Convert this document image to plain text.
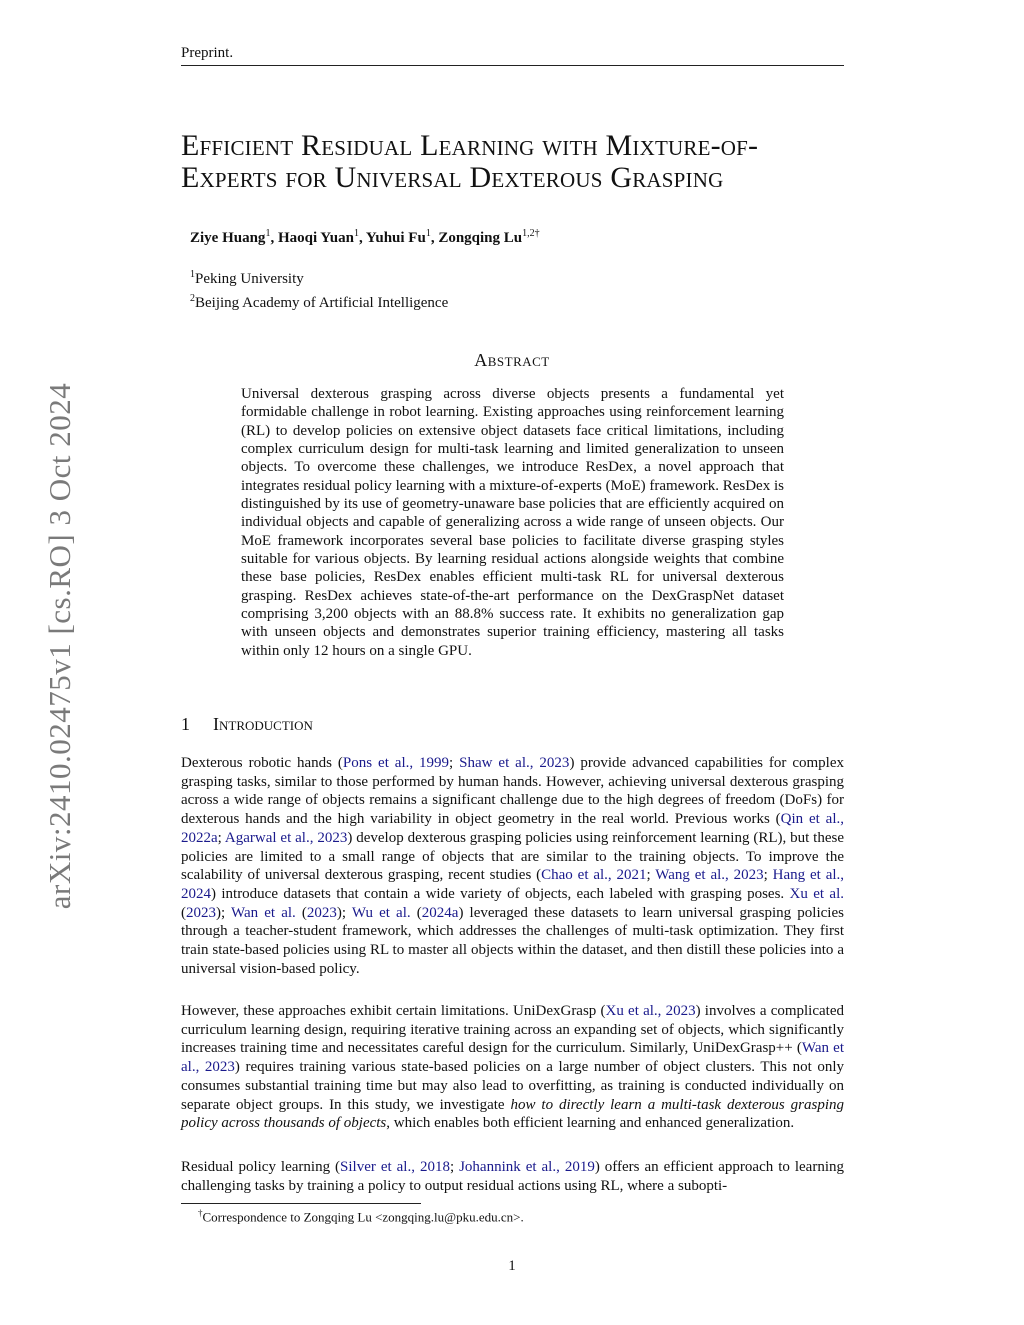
Preprint.
arXiv:2410.02475v1 [cs.RO] 3 Oct 2024
Efficient Residual Learning with Mixture-of-
Experts for Universal Dexterous Grasping
Ziye Huang$^1$, Haoqi Yuan$^1$, Yuhui Fu$^1$, Zongqing $Lu^{1,2\dagger}$
$^1$Peking University
$^2$Beijing Academy of Artificial Intelligence
Abstract

Universal dexterous grasping across diverse objects presents a fundamental yet formidable challenge in robot learning. Existing approaches using reinforcement learning (RL) to develop policies on extensive object datasets face critical limitations, including complex curriculum design for multi-task learning and limited generalization to unseen objects. To overcome these challenges, we introduce ResDex, a novel approach that integrates residual policy learning with a mixture-of-experts (MoE) framework. ResDex is distinguished by its use of geometry-unaware base policies that are efficiently acquired on individual objects and capable of generalizing across a wide range of unseen objects. Our MoE framework incorporates several base policies to facilitate diverse grasping styles suitable for various objects. By learning residual actions alongside weights that combine these base policies, ResDex enables efficient multi-task RL for universal dexterous grasping. ResDex achieves state-of-the-art performance on the DexGraspNet dataset comprising 3,200 objects with an 88.8% success rate. It exhibits no generalization gap with unseen objects and demonstrates superior training efficiency, mastering all tasks within only 12 hours on a single GPU.

1 Introduction

Dexterous robotic hands (Pons et al., 1999; Shaw et al., 2023) provide advanced capabilities for complex grasping tasks, similar to those performed by human hands. However, achieving universal dexterous grasping across a wide range of objects remains a significant challenge due to the high degrees of freedom (DoFs) for dexterous hands and the high variability in object geometry in the real world. Previous works (Qin et al., 2022a; Agarwal et al., 2023) develop dexterous grasping policies using reinforcement learning (RL), but these policies are limited to a small range of objects that are similar to the training objects. To improve the scalability of universal dexterous grasping, recent studies (Chao et al., 2021; Wang et al., 2023; Hang et al., 2024) introduce datasets that contain a wide variety of objects, each labeled with grasping poses. Xu et al. (2023); Wan et al. (2023); Wu et al. (2024a) leveraged these datasets to learn universal grasping policies through a teacher-student framework, which addresses the challenges of multi-task optimization. They first train state-based policies using RL to master all objects within the dataset, and then distill these policies into a universal vision-based policy.

However, these approaches exhibit certain limitations. UniDexGrasp (Xu et al., 2023) involves a complicated curriculum learning design, requiring iterative training across an expanding set of objects, which significantly increases training time and necessitates careful design for the curriculum. Similarly, UniDexGrasp++ (Wan et al., 2023) requires training various state-based policies on a large number of object clusters. This not only consumes substantial training time but may also lead to overfitting, as training is conducted individually on separate object groups. In this study, we investigate how to directly learn a multi-task dexterous grasping policy across thousands of objects, which enables both efficient learning and enhanced generalization.

Residual policy learning (Silver et al., 2018; Johannink et al., 2019) offers an efficient approach to learning challenging tasks by training a policy to output residual actions using RL, where a subopti-

†Correspondence to Zongqing Lu <zongqing.lu@pku.edu.cn>.
1
